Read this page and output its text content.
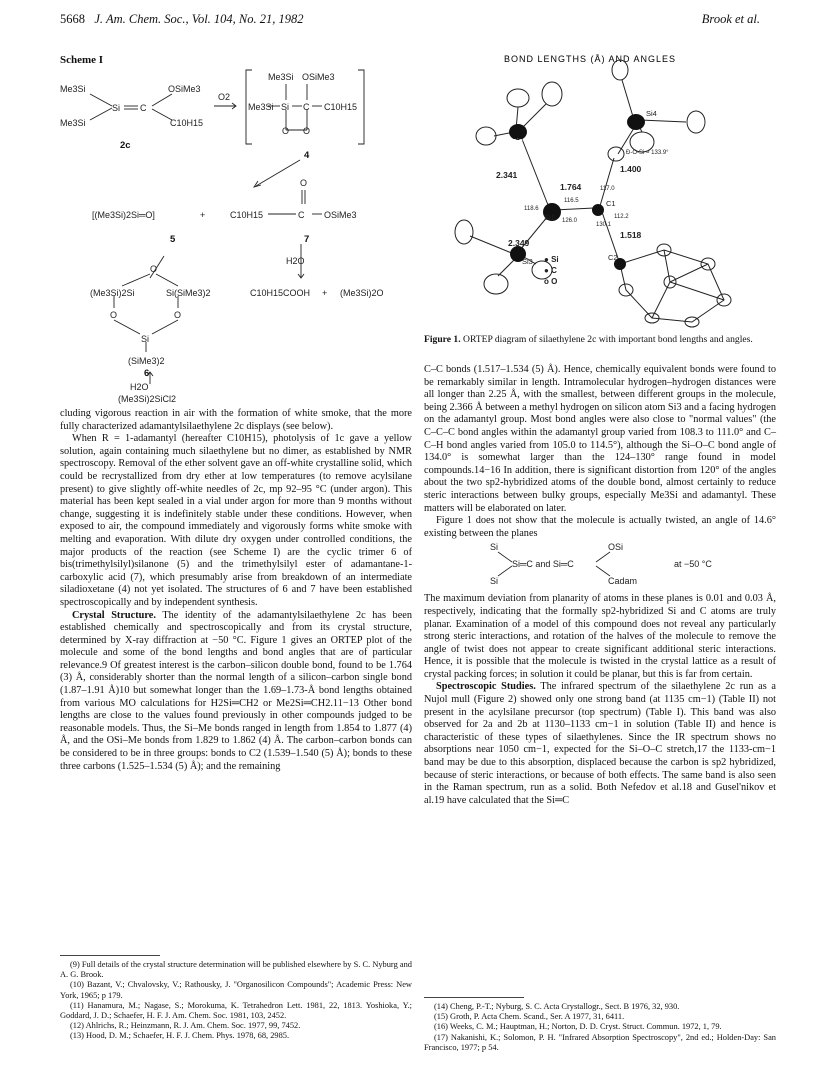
5668 J. Am. Chem. Soc., Vol. 104, No. 21, 1982	Brook et al.
Scheme I
Me3Si	OSiMe3
Si C
Me3Si	C10H15
2c
O2
Me3Si OSiMe3
Me3Si Si C C10H15
O O
4
O
[(Me3Si)2Si═O]	+	C10H15	C OSiMe3
5	7
H2O
O
(Me3Si)2Si	Si(SiMe3)2
O	O
Si
(SiMe3)2
C10H15COOH + (Me3Si)2O
6
H2O
(Me3Si)2SiCl2

cluding vigorous reaction in air with the formation of white smoke, that the more fully characterized adamantylsilaethylene 2c displays (see below).

When R = 1-adamantyl (hereafter C10H15), photolysis of 1c gave a yellow solution, again containing much silaethylene but no dimer, as established by NMR spectroscopy. Removal of the ether solvent gave an off-white crystalline solid, which could be recrystallized from dry ether at low temperatures (to remove acylsilane present) to give slightly off-white needles of 2c, mp 92–95 °C (under argon). This material has been kept sealed in a vial under argon for more than 9 months without change, suggesting it is indefinitely stable under these conditions. However, when exposed to air, the compound immediately and vigorously forms white smoke with melting and evaporation. With dilute dry oxygen under controlled conditions, the major products of the reaction (see Scheme I) are the cyclic trimer 6 of bis(trimethylsilyl)silanone (5) and the trimethylsilyl ester of adamantane-1-carboxylic acid (7), which presumably arise from breakdown of an intermediate siladioxetane (4) not yet isolated. The structures of 6 and 7 have been established spectroscopically and by independent synthesis.

Crystal Structure. The identity of the adamantylsilaethylene 2c has been established chemically and spectroscopically and from its crystal structure, determined by X-ray diffraction at −50 °C. Figure 1 gives an ORTEP plot of the molecule and some of the bond lengths and bond angles that are of particular relevance.9 Of greatest interest is the carbon–silicon double bond, found to be 1.764 (3) Å, considerably shorter than the normal length of a silicon–carbon single bond (1.87–1.91 Å)10 but somewhat longer than the 1.69–1.73-Å bond lengths obtained from various MO calculations for H2Si═CH2 or Me2Si═CH2.11−13 Other bond lengths are close to the values found previously in other compounds judged to be reasonable models. Thus, the Si–Me bonds ranged in length from 1.854 to 1.877 (4) Å, and the OSi–Me bonds from 1.829 to 1.862 (4) Å. The carbon–carbon bonds can be considered to be in three groups: bonds to C2 (1.539–1.540 (5) Å); bonds to these three carbons (1.525–1.534 (5) Å); and the remaining

(9) Full details of the crystal structure determination will be published elsewhere by S. C. Nyburg and A. G. Brook.

(10) Bazant, V.; Chvalovsky, V.; Rathousky, J. "Organosilicon Compounds"; Academic Press: New York, 1965; p 179.

(11) Hanamura, M.; Nagase, S.; Morokuma, K. Tetrahedron Lett. 1981, 22, 1813. Yoshioka, Y.; Goddard, J. D.; Schaefer, H. F. J. Am. Chem. Soc. 1981, 103, 2452.

(12) Ahlrichs, R.; Heinzmann, R. J. Am. Chem. Soc. 1977, 99, 7452.

(13) Hood, D. M.; Schaefer, H. F. J. Chem. Phys. 1978, 68, 2985.

BOND LENGTHS (Å) AND ANGLES
Si2
Si4
Si1
C1
C2
Si3
2.341
1.764
1.400
1.518
2.349
118.6
126.0
116.5
117.0
112.2
130.1
Ð-O-Si = 133.9°
● Si
● C
o O

Figure 1. ORTEP diagram of silaethylene 2c with important bond lengths and angles.

C–C bonds (1.517–1.534 (5) Å). Hence, chemically equivalent bonds were found to be remarkably similar in length. Intramolecular hydrogen–hydrogen distances were all longer than 2.25 Å, with the smallest, between different groups in the molecule, being 2.366 Å between a methyl hydrogen on silicon atom Si3 and a facing hydrogen on the adamantyl group. Most bond angles were also close to "normal values" (the C–C–C bond angles within the adamantyl group varied from 108.3 to 111.0° and C–C–H bond angles varied from 105.0 to 114.5°), although the Si–O–C bond angle of 134.0° is somewhat larger than the 124–130° range found in model compounds.14−16 In addition, there is significant distortion from 120° of the angles about the two sp2-hybridized atoms of the double bond, almost certainly to reduce steric interactions between bulky groups, especially Me3Si and adamantyl. These matters will be elaborated on later.

Figure 1 does not show that the molecule is actually twisted, an angle of 14.6° existing between the planes

Si
Si
Si═C and Si═C
OSi
Cadam
at −50 °C

The maximum deviation from planarity of atoms in these planes is 0.01 and 0.03 Å, respectively, indicating that the formally sp2-hybridized Si and C atoms are truly planar. Examination of a model of this compound does not reveal any particularly strong steric interactions, and rotation of the halves of the molecule to remove the angle of twist does not appear to create significant additional steric interactions. Hence, it is possible that the molecule is twisted in the crystal lattice as a result of crystal packing forces; in solution it could be planar, but this is far from certain.

Spectroscopic Studies. The infrared spectrum of the silaethylene 2c run as a Nujol mull (Figure 2) showed only one strong band (at 1135 cm−1) (Table II) not present in the acylsilane precursor (top spectrum) (Table I). This band was also observed for 2a and 2b at 1130–1133 cm−1 in solution (Table II) and hence is characteristic of these types of silaethylenes. Since the IR spectrum shows no absorptions near 1050 cm−1, expected for the Si–O–C stretch,17 the 1133-cm−1 band may be due to this absorption, displaced because the carbon is sp2 hybridized, because of steric interactions, or because of both effects. The same band is also seen in the Raman spectrum, run as a solid. Both Nefedov et al.18 and Gusel'nikov et al.19 have calculated that the Si═C

(14) Cheng, P.-T.; Nyburg, S. C. Acta Crystallogr., Sect. B 1976, 32, 930.

(15) Groth, P. Acta Chem. Scand., Ser. A 1977, 31, 6411.

(16) Weeks, C. M.; Hauptman, H.; Norton, D. D. Cryst. Struct. Commun. 1972, 1, 79.

(17) Nakanishi, K.; Solomon, P. H. "Infrared Absorption Spectroscopy", 2nd ed.; Holden-Day: San Francisco, 1977; p 54.
